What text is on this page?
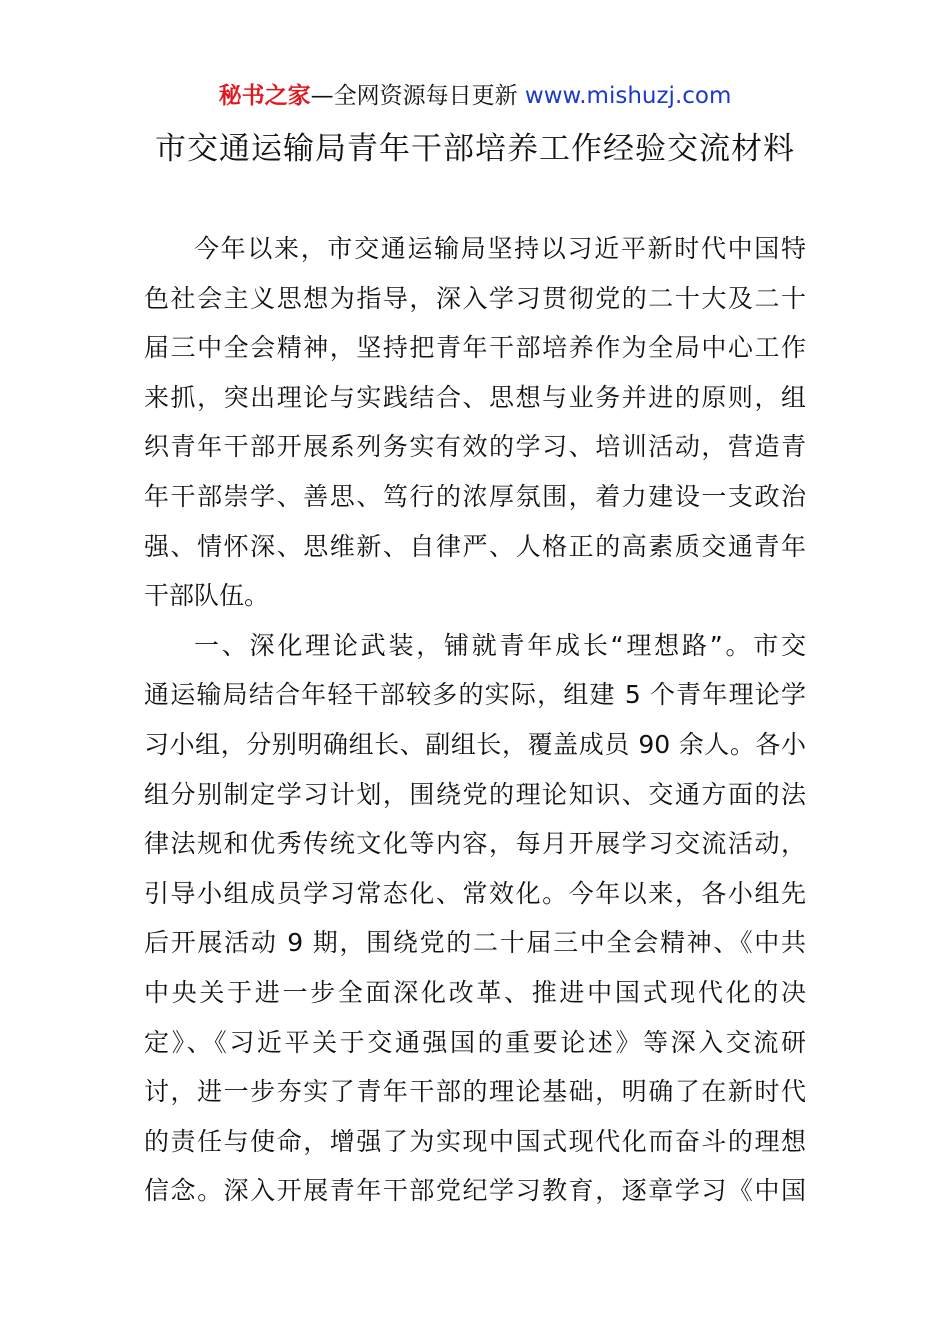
秘书之家—全网资源每日更新 www.mishuzj.com
市交通运输局青年干部培养工作经验交流材料
今年以来，市交通运输局坚持以习近平新时代中国特
色社会主义思想为指导，深入学习贯彻党的二十大及二十
届三中全会精神，坚持把青年干部培养作为全局中心工作
来抓，突出理论与实践结合、思想与业务并进的原则，组
织青年干部开展系列务实有效的学习、培训活动，营造青
年干部崇学、善思、笃行的浓厚氛围，着力建设一支政治
强、情怀深、思维新、自律严、人格正的高素质交通青年
干部队伍。
一、深化理论武装，铺就青年成长“理想路”。市交
通运输局结合年轻干部较多的实际，组建 5 个青年理论学
习小组，分别明确组长、副组长，覆盖成员 90 余人。各小
组分别制定学习计划，围绕党的理论知识、交通方面的法
律法规和优秀传统文化等内容，每月开展学习交流活动，
引导小组成员学习常态化、常效化。今年以来，各小组先
后开展活动 9 期，围绕党的二十届三中全会精神、《中共
中央关于进一步全面深化改革、推进中国式现代化的决
定》、《习近平关于交通强国的重要论述》等深入交流研
讨，进一步夯实了青年干部的理论基础，明确了在新时代
的责任与使命，增强了为实现中国式现代化而奋斗的理想
信念。深入开展青年干部党纪学习教育，逐章学习《中国
